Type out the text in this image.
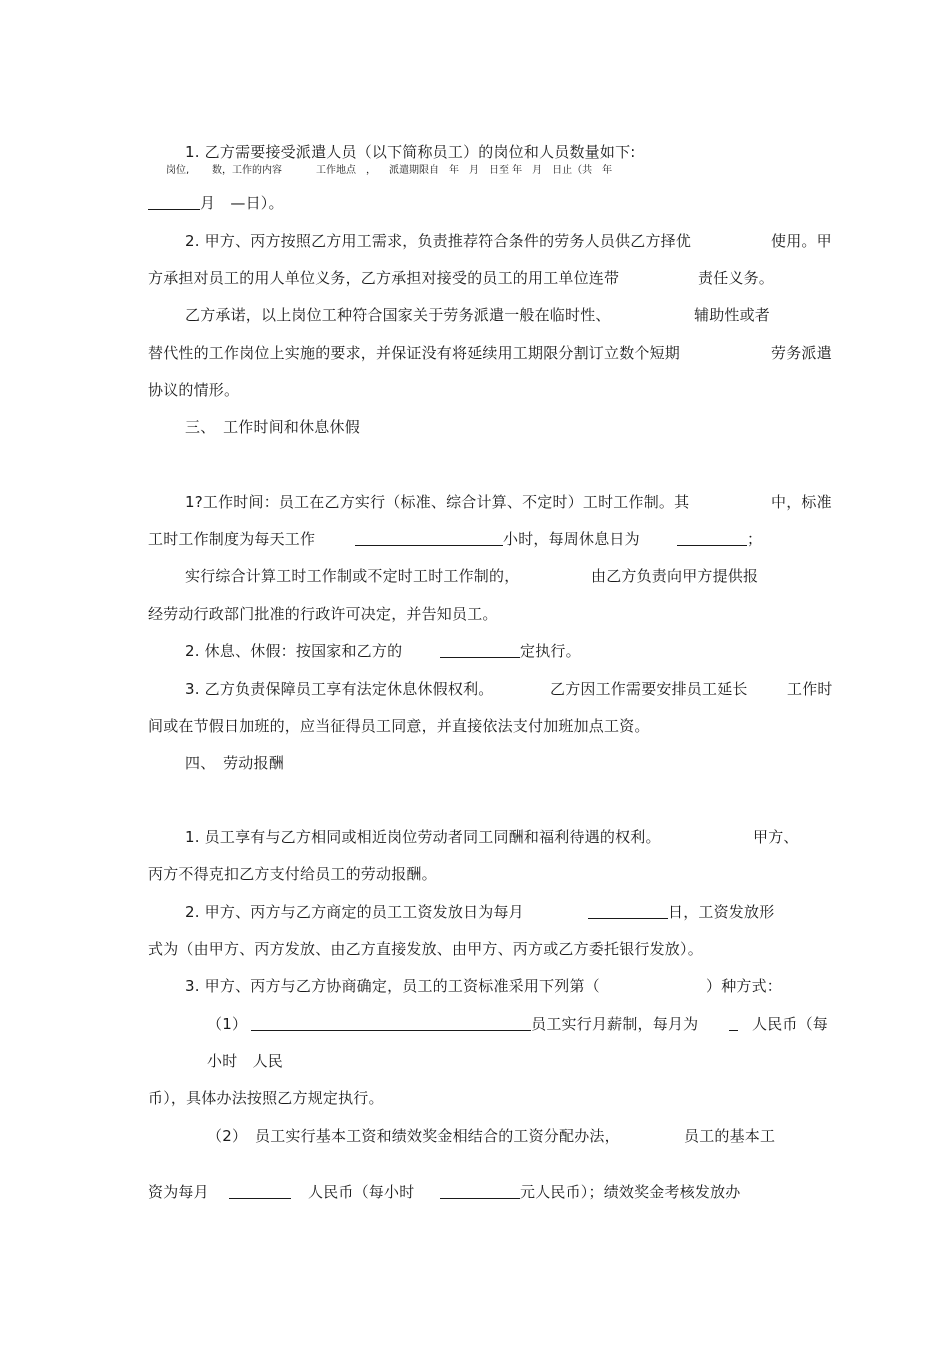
1. 乙方需要接受派遣人员（以下简称员工）的岗位和人员数量如下:
岗位, 数，工作的内容	工作地点　， 派遣期限自　年　月　日至 年　月　日止（共　年
月　—日）。
2. 甲方、丙方按照乙方用工需求，负责推荐符合条件的劳务人员供乙方择优	使用。甲
方承担对员工的用人单位义务，乙方承担对接受的员工的用工单位连带	责任义务。
乙方承诺，以上岗位工种符合国家关于劳务派遣一般在临时性、	辅助性或者
替代性的工作岗位上实施的要求，并保证没有将延续用工期限分割订立数个短期	劳务派遣
协议的情形。
三、　工作时间和休息休假
1?工作时间：员工在乙方实行（标准、综合计算、不定时）工时工作制。其	中，标准
工时工作制度为每天工作	小时，每周休息日为	；
实行综合计算工时工作制或不定时工时工作制的，	由乙方负责向甲方提供报
经劳动行政部门批准的行政许可决定，并告知员工。
2. 休息、休假：按国家和乙方的	定执行。
3. 乙方负责保障员工享有法定休息休假权利。	乙方因工作需要安排员工延长	工作时
间或在节假日加班的，应当征得员工同意，并直接依法支付加班加点工资。
四、　劳动报酬
1. 员工享有与乙方相同或相近岗位劳动者同工同酬和福利待遇的权利。	甲方、
丙方不得克扣乙方支付给员工的劳动报酬。
2. 甲方、丙方与乙方商定的员工工资发放日为每月	日，工资发放形
式为（由甲方、丙方发放、由乙方直接发放、由甲方、丙方或乙方委托银行发放）。
3. 甲方、丙方与乙方协商确定，员工的工资标准采用下列第（	）种方式：
（1）	员工实行月薪制，每月为	人民币（每
小时　人民
币），具体办法按照乙方规定执行。
（2） 员工实行基本工资和绩效奖金相结合的工资分配办法，	员工的基本工
资为每月	人民币（每小时	元人民币）；绩效奖金考核发放办
